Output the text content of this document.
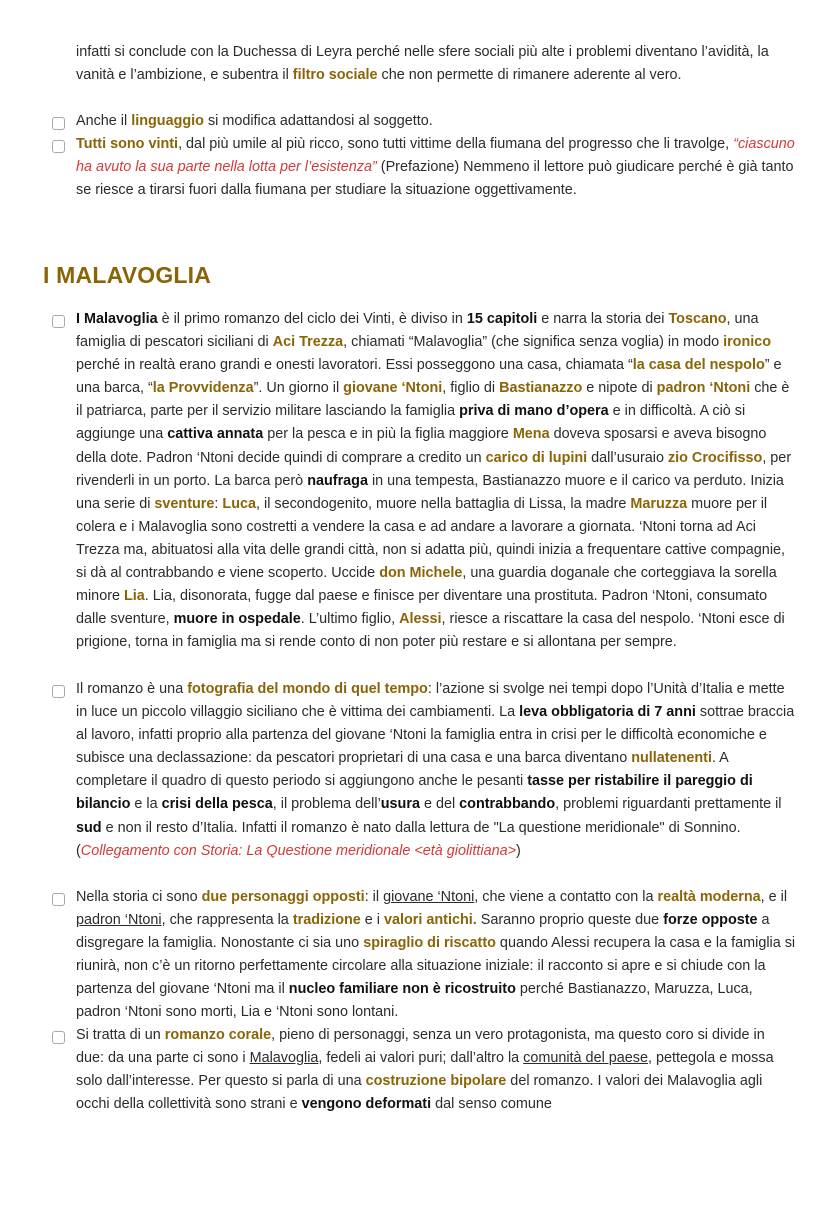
infatti si conclude con la Duchessa di Leyra perché nelle sfere sociali più alte i problemi diventano l’avidità, la vanità e l’ambizione, e subentra il filtro sociale che non permette di rimanere aderente al vero.
Anche il linguaggio si modifica adattandosi al soggetto.
Tutti sono vinti, dal più umile al più ricco, sono tutti vittime della fiumana del progresso che li travolge, “ciascuno ha avuto la sua parte nella lotta per l’esistenza” (Prefazione) Nemmeno il lettore può giudicare perché è già tanto se riesce a tirarsi fuori dalla fiumana per studiare la situazione oggettivamente.
I MALAVOGLIA
I Malavoglia è il primo romanzo del ciclo dei Vinti, è diviso in 15 capitoli e narra la storia dei Toscano, una famiglia di pescatori siciliani di Aci Trezza, chiamati “Malavoglia” (che significa senza voglia) in modo ironico perché in realtà erano grandi e onesti lavoratori. Essi posseggono una casa, chiamata “la casa del nespolo” e una barca, “la Provvidenza”. Un giorno il giovane ‘Ntoni, figlio di Bastianazzo e nipote di padron ‘Ntoni che è il patriarca, parte per il servizio militare lasciando la famiglia priva di mano d’opera e in difficoltà. A ciò si aggiunge una cattiva annata per la pesca e in più la figlia maggiore Mena doveva sposarsi e aveva bisogno della dote. Padron ‘Ntoni decide quindi di comprare a credito un carico di lupini dall’usuraio zio Crocifisso, per rivenderli in un porto. La barca però naufraga in una tempesta, Bastianazzo muore e il carico va perduto. Inizia una serie di sventure: Luca, il secondogenito, muore nella battaglia di Lissa, la madre Maruzza muore per il colera e i Malavoglia sono costretti a vendere la casa e ad andare a lavorare a giornata. ‘Ntoni torna ad Aci Trezza ma, abituatosi alla vita delle grandi città, non si adatta più, quindi inizia a frequentare cattive compagnie, si dà al contrabbando e viene scoperto. Uccide don Michele, una guardia doganale che corteggiava la sorella minore Lia. Lia, disonorata, fugge dal paese e finisce per diventare una prostituta. Padron ‘Ntoni, consumato dalle sventure, muore in ospedale. L’ultimo figlio, Alessi, riesce a riscattare la casa del nespolo. ‘Ntoni esce di prigione, torna in famiglia ma si rende conto di non poter più restare e si allontana per sempre.
Il romanzo è una fotografia del mondo di quel tempo: l’azione si svolge nei tempi dopo l’Unità d’Italia e mette in luce un piccolo villaggio siciliano che è vittima dei cambiamenti. La leva obbligatoria di 7 anni sottrae braccia al lavoro, infatti proprio alla partenza del giovane ‘Ntoni la famiglia entra in crisi per le difficoltà economiche e subisce una declassazione: da pescatori proprietari di una casa e una barca diventano nullatenenti. A completare il quadro di questo periodo si aggiungono anche le pesanti tasse per ristabilire il pareggio di bilancio e la crisi della pesca, il problema dell’usura e del contrabbando, problemi riguardanti prettamente il sud e non il resto d’Italia. Infatti il romanzo è nato dalla lettura de "La questione meridionale" di Sonnino. (Collegamento con Storia: La Questione meridionale <età giolittiana>)
Nella storia ci sono due personaggi opposti: il giovane ‘Ntoni, che viene a contatto con la realtà moderna, e il padron ‘Ntoni, che rappresenta la tradizione e i valori antichi. Saranno proprio queste due forze opposte a disgregare la famiglia. Nonostante ci sia uno spiraglio di riscatto quando Alessi recupera la casa e la famiglia si riunirà, non c’è un ritorno perfettamente circolare alla situazione iniziale: il racconto si apre e si chiude con la partenza del giovane ‘Ntoni ma il nucleo familiare non è ricostruito perché Bastianazzo, Maruzza, Luca, padron ‘Ntoni sono morti, Lia e ‘Ntoni sono lontani.
Si tratta di un romanzo corale, pieno di personaggi, senza un vero protagonista, ma questo coro si divide in due: da una parte ci sono i Malavoglia, fedeli ai valori puri; dall’altro la comunità del paese, pettegola e mossa solo dall’interesse. Per questo si parla di una costruzione bipolare del romanzo. I valori dei Malavoglia agli occhi della collettività sono strani e vengono deformati dal senso comune
